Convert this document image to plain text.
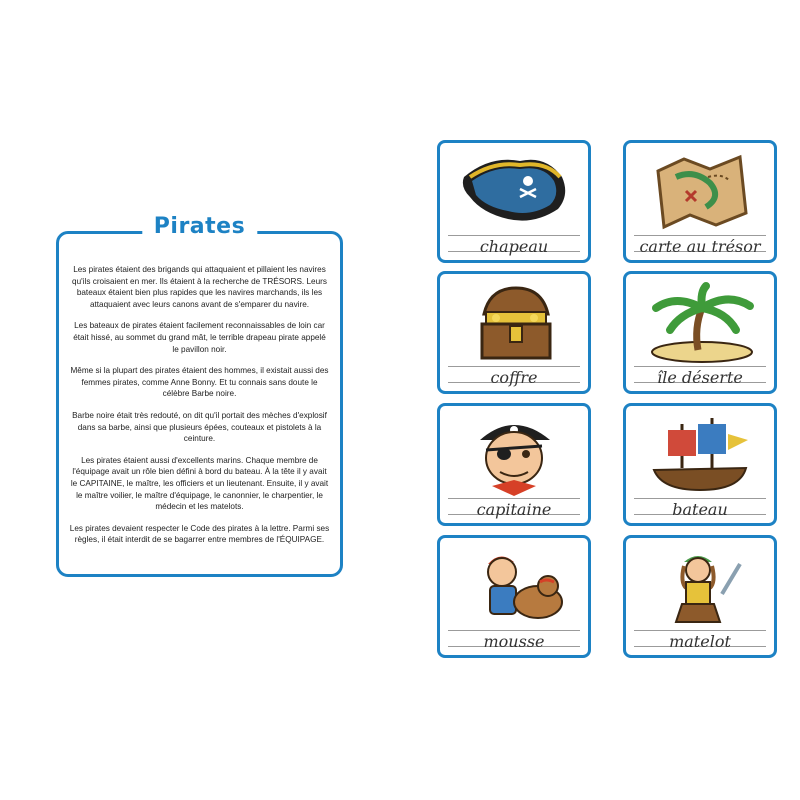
Pirates

Les pirates étaient des brigands qui attaquaient et pillaient les navires qu'ils croisaient en mer. Ils étaient à la recherche de TRÉSORS. Leurs bateaux étaient bien plus rapides que les navires marchands, ils les attaquaient avec leurs canons avant de s'emparer du navire.

Les bateaux de pirates étaient facilement reconnaissables de loin car était hissé, au sommet du grand mât, le terrible drapeau pirate appelé le pavillon noir.

Même si la plupart des pirates étaient des hommes, il existait aussi des femmes pirates, comme Anne Bonny. Et tu connais sans doute le célèbre Barbe noire.

Barbe noire était très redouté, on dit qu'il portait des mèches d'explosif dans sa barbe, ainsi que plusieurs épées, couteaux et pistolets à la ceinture.

Les pirates étaient aussi d'excellents marins. Chaque membre de l'équipage avait un rôle bien défini à bord du bateau. À la tête il y avait le CAPITAINE, le maître, les officiers et un lieutenant. Ensuite, il y avait le maître voilier, le maître d'équipage, le canonnier, le charpentier, le médecin et les matelots.

Les pirates devaient respecter le Code des pirates à la lettre. Parmi ses règles, il était interdit de se bagarrer entre membres de l'ÉQUIPAGE.

chapeau	carte au trésor
coffre	île déserte
capitaine	bateau
mousse	matelot
